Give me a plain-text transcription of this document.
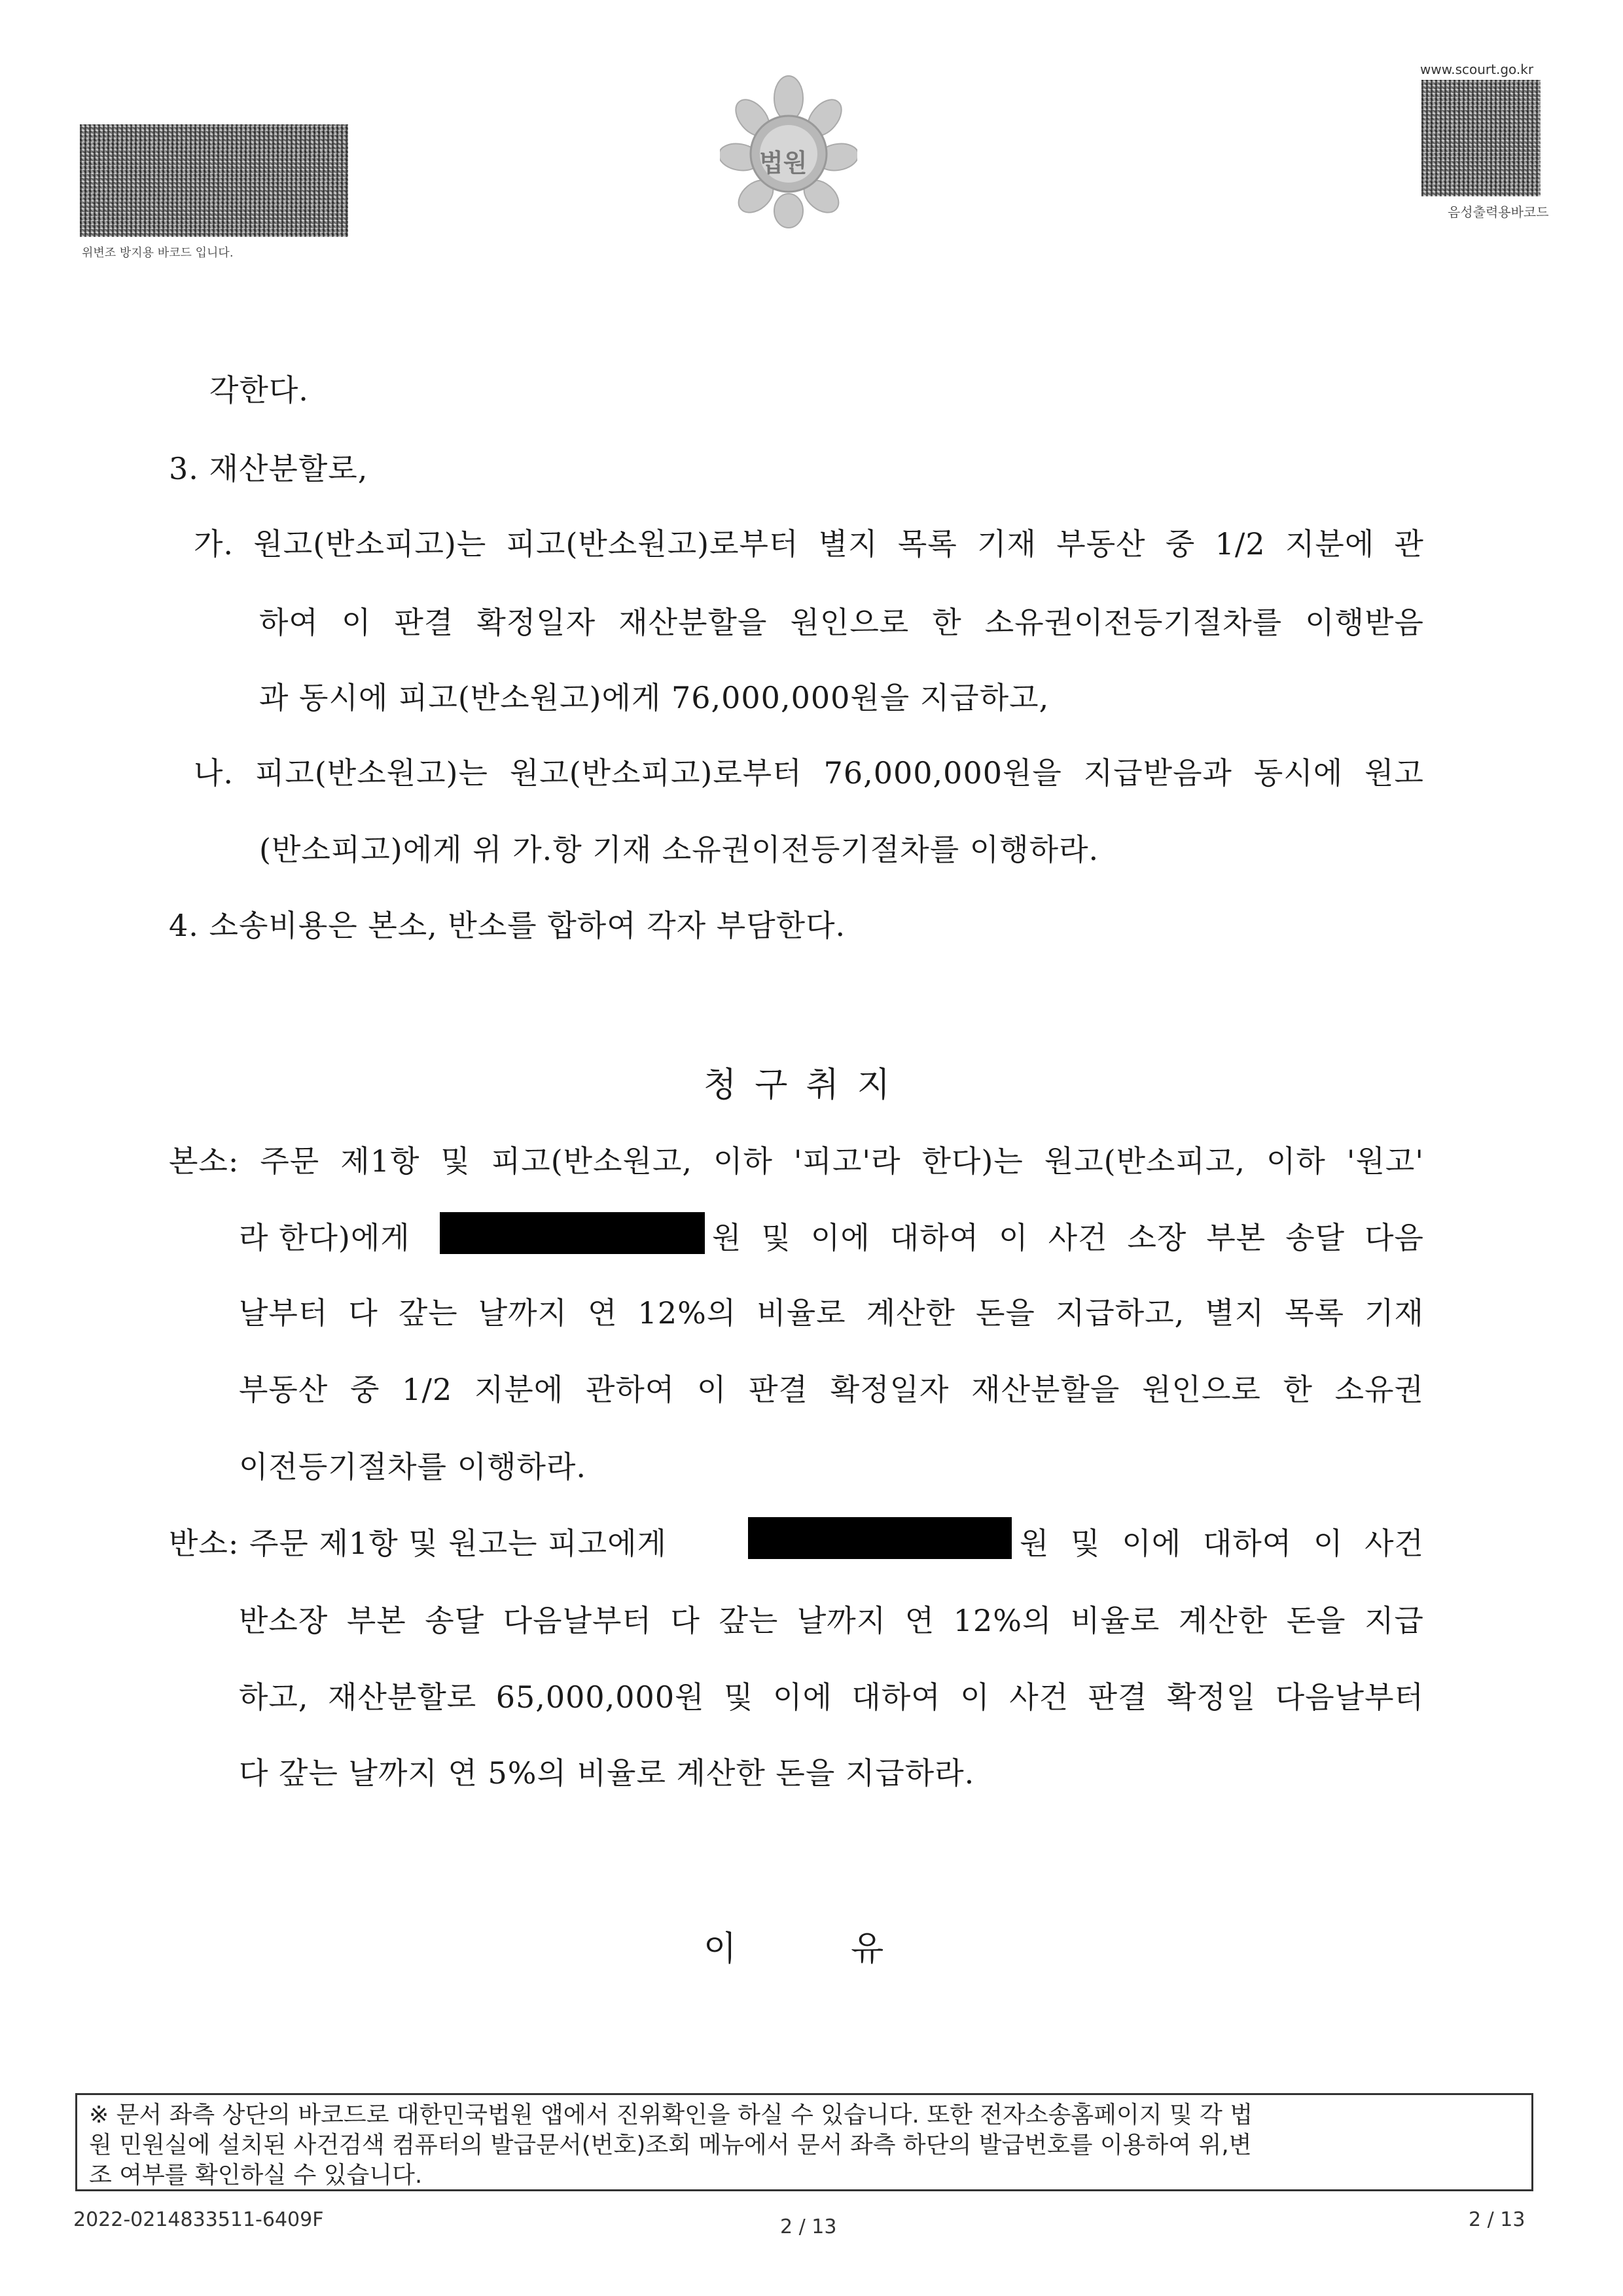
위변조 방지용 바코드 입니다.
법원
www.scourt.go.kr
음성출력용바코드
각한다.
3. 재산분할로,
가. 원고(반소피고)는 피고(반소원고)로부터 별지 목록 기재 부동산 중 1/2 지분에 관
하여 이 판결 확정일자 재산분할을 원인으로 한 소유권이전등기절차를 이행받음
과 동시에 피고(반소원고)에게 76,000,000원을 지급하고,
나. 피고(반소원고)는 원고(반소피고)로부터 76,000,000원을 지급받음과 동시에 원고
(반소피고)에게 위 가.항 기재 소유권이전등기절차를 이행하라.
4. 소송비용은 본소, 반소를 합하여 각자 부담한다.
청구취지
본소: 주문 제1항 및 피고(반소원고, 이하 '피고'라 한다)는 원고(반소피고, 이하 '원고'
라 한다)에게	원 및 이에 대하여 이 사건 소장 부본 송달 다음
날부터 다 갚는 날까지 연 12%의 비율로 계산한 돈을 지급하고, 별지 목록 기재
부동산 중 1/2 지분에 관하여 이 판결 확정일자 재산분할을 원인으로 한 소유권
이전등기절차를 이행하라.
반소: 주문 제1항 및 원고는 피고에게	원 및 이에 대하여 이 사건
반소장 부본 송달 다음날부터 다 갚는 날까지 연 12%의 비율로 계산한 돈을 지급
하고, 재산분할로 65,000,000원 및 이에 대하여 이 사건 판결 확정일 다음날부터
다 갚는 날까지 연 5%의 비율로 계산한 돈을 지급하라.
이	유
※ 문서 좌측 상단의 바코드로 대한민국법원 앱에서 진위확인을 하실 수 있습니다. 또한 전자소송홈페이지 및 각 법
원 민원실에 설치된 사건검색 컴퓨터의 발급문서(번호)조회 메뉴에서 문서 좌측 하단의 발급번호를 이용하여 위,변
조 여부를 확인하실 수 있습니다.
2022-0214833511-6409F	2 / 13	2 / 13
